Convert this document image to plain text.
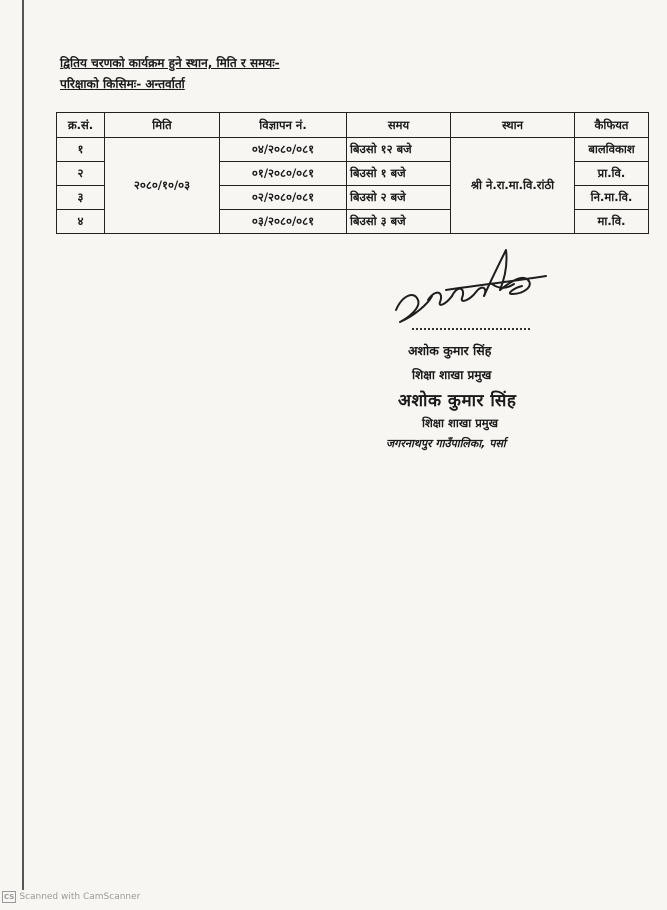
द्वितिय चरणको कार्यक्रम हुने स्थान, मिति र समयः-
परिक्षाको किसिमः- अन्तर्वार्ता
क्र.सं.	मिति	विज्ञापन नं.	समय	स्थान	कैफियत
१	२०८०/१०/०३	०४/२०८०/०८१	बिउसो १२ बजे	श्री ने.रा.मा.वि.रांठी	बालविकाश
२		०१/२०८०/०८१	बिउसो १ बजे		प्रा.वि.
३		०२/२०८०/०८१	बिउसो २ बजे		नि.मा.वि.
४		०३/२०८०/०८१	बिउसो ३ बजे		मा.वि.
अशोक कुमार सिंह
शिक्षा शाखा प्रमुख
अशोक कुमार सिंह
शिक्षा शाखा प्रमुख
जगरनाथपुर गाउँपालिका, पर्सा
CS Scanned with CamScanner
